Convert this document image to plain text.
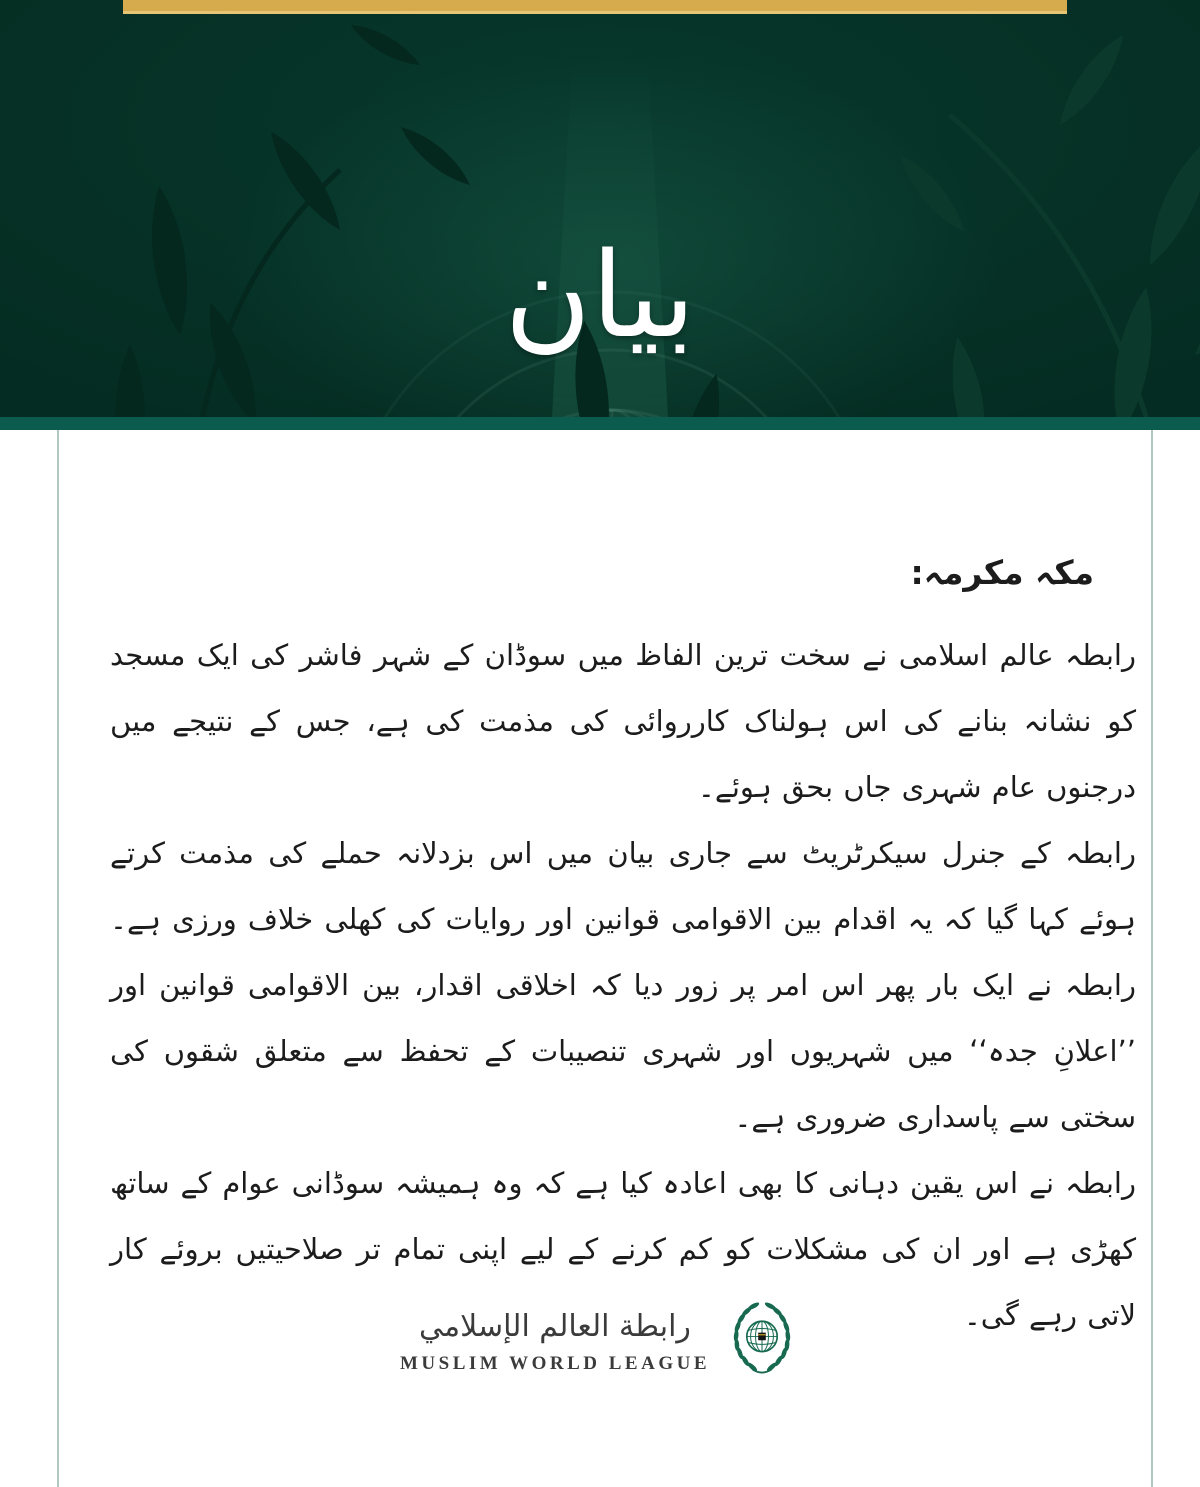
بیان
مکہ مکرمہ:

رابطہ عالم اسلامی نے سخت ترین الفاظ میں سوڈان کے شہر فاشر کی ایک مسجد کو نشانہ بنانے کی اس ہولناک کارروائی کی مذمت کی ہے، جس کے نتیجے میں درجنوں عام شہری جاں بحق ہوئے۔

رابطہ کے جنرل سیکرٹریٹ سے جاری بیان میں اس بزدلانہ حملے کی مذمت کرتے ہوئے کہا گیا کہ یہ اقدام بین الاقوامی قوانین اور روایات کی کھلی خلاف ورزی ہے۔ رابطہ نے ایک بار پھر اس امر پر زور دیا کہ اخلاقی اقدار، بین الاقوامی قوانین اور ’’اعلانِ جدہ‘‘ میں شہریوں اور شہری تنصیبات کے تحفظ سے متعلق شقوں کی سختی سے پاسداری ضروری ہے۔

رابطہ نے اس یقین دہانی کا بھی اعادہ کیا ہے کہ وہ ہمیشہ سوڈانی عوام کے ساتھ کھڑی ہے اور ان کی مشکلات کو کم کرنے کے لیے اپنی تمام تر صلاحیتیں بروئے کار لاتی رہے گی۔

رابطة العالم الإسلامي
MUSLIM WORLD LEAGUE
